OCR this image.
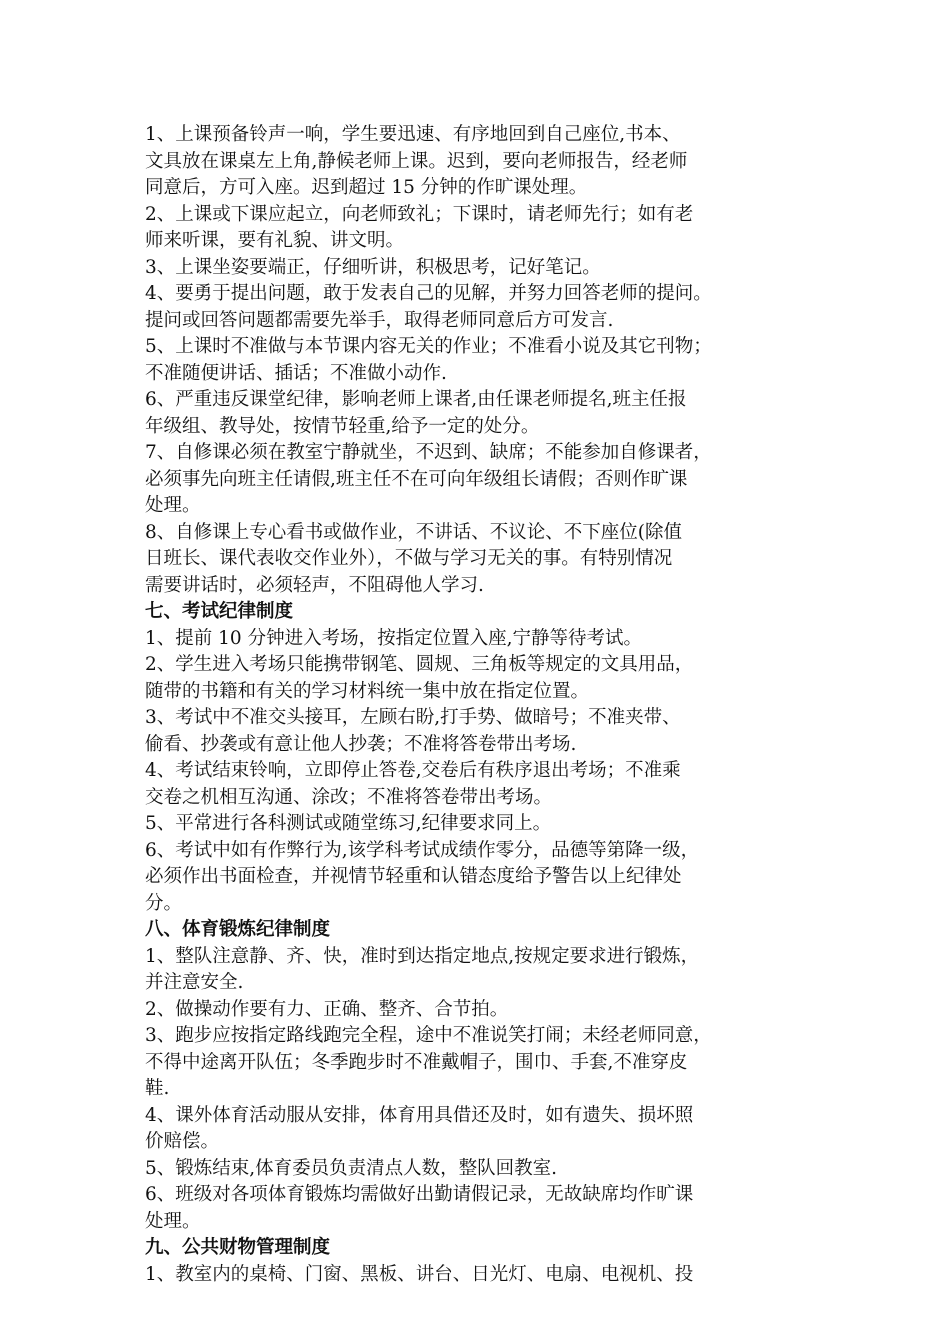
1、上课预备铃声一响，学生要迅速、有序地回到自己座位,书本、
文具放在课桌左上角,静候老师上课。迟到，要向老师报告，经老师
同意后，方可入座。迟到超过 15 分钟的作旷课处理。
2、上课或下课应起立，向老师致礼；下课时，请老师先行；如有老
师来听课，要有礼貌、讲文明。
3、上课坐姿要端正，仔细听讲，积极思考，记好笔记。
4、要勇于提出问题，敢于发表自己的见解，并努力回答老师的提问。
提问或回答问题都需要先举手，取得老师同意后方可发言.
5、上课时不准做与本节课内容无关的作业；不准看小说及其它刊物；
不准随便讲话、插话；不准做小动作.
6、严重违反课堂纪律，影响老师上课者,由任课老师提名,班主任报
年级组、教导处，按情节轻重,给予一定的处分。
7、自修课必须在教室宁静就坐，不迟到、缺席；不能参加自修课者，
必须事先向班主任请假,班主任不在可向年级组长请假；否则作旷课
处理。
8、自修课上专心看书或做作业，不讲话、不议论、不下座位(除值
日班长、课代表收交作业外），不做与学习无关的事。有特别情况
需要讲话时，必须轻声，不阻碍他人学习.
七、考试纪律制度
1、提前 10 分钟进入考场，按指定位置入座,宁静等待考试。
2、学生进入考场只能携带钢笔、圆规、三角板等规定的文具用品，
随带的书籍和有关的学习材料统一集中放在指定位置。
3、考试中不准交头接耳，左顾右盼,打手势、做暗号；不准夹带、
偷看、抄袭或有意让他人抄袭；不准将答卷带出考场.
4、考试结束铃响，立即停止答卷,交卷后有秩序退出考场；不准乘
交卷之机相互沟通、涂改；不准将答卷带出考场。
5、平常进行各科测试或随堂练习,纪律要求同上。
6、考试中如有作弊行为,该学科考试成绩作零分，品德等第降一级，
必须作出书面检查，并视情节轻重和认错态度给予警告以上纪律处
分。
八、体育锻炼纪律制度
1、整队注意静、齐、快，准时到达指定地点,按规定要求进行锻炼，
并注意安全.
2、做操动作要有力、正确、整齐、合节拍。
3、跑步应按指定路线跑完全程，途中不准说笑打闹；未经老师同意，
不得中途离开队伍；冬季跑步时不准戴帽子，围巾、手套,不准穿皮
鞋.
4、课外体育活动服从安排，体育用具借还及时，如有遗失、损坏照
价赔偿。
5、锻炼结束,体育委员负责清点人数，整队回教室.
6、班级对各项体育锻炼均需做好出勤请假记录，无故缺席均作旷课
处理。
九、公共财物管理制度
1、教室内的桌椅、门窗、黑板、讲台、日光灯、电扇、电视机、投
